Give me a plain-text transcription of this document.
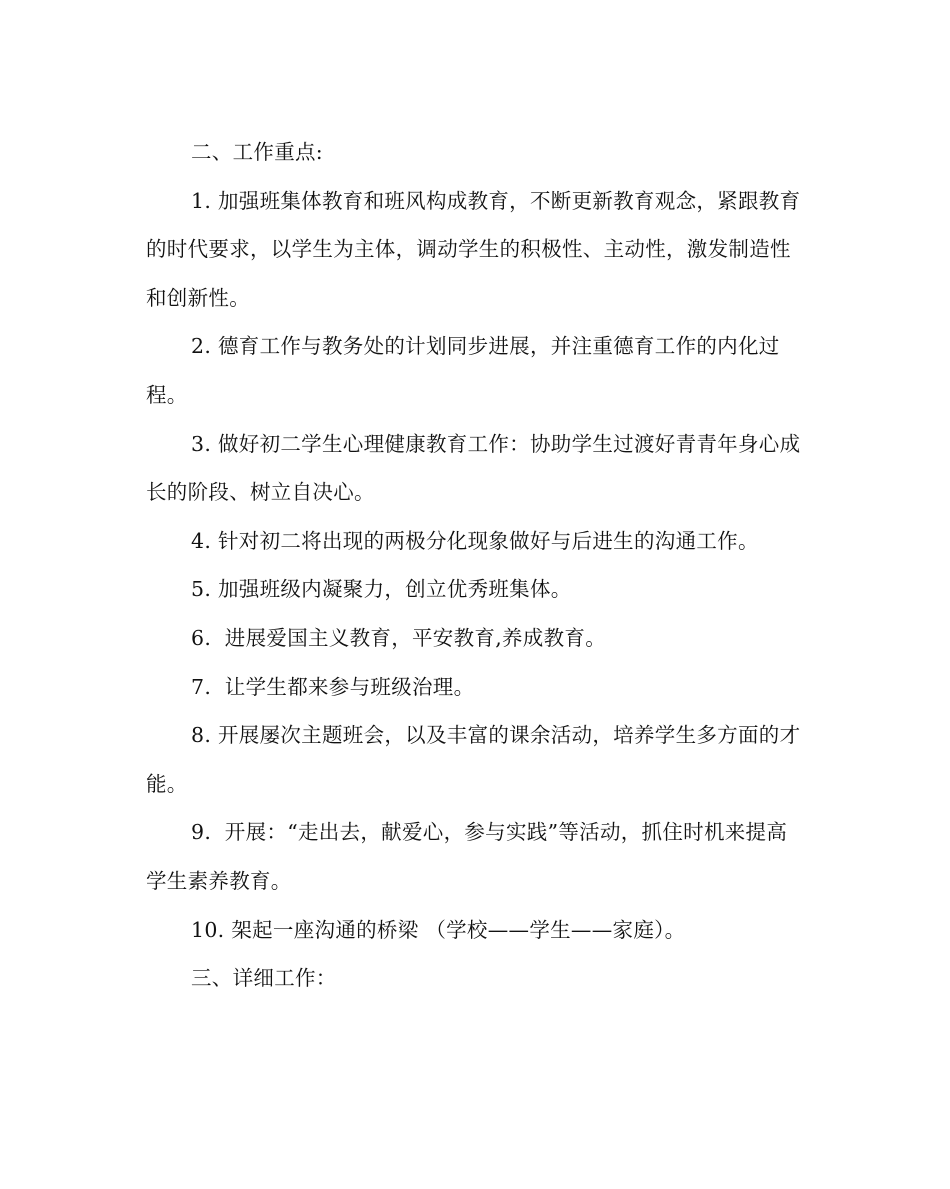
二、工作重点:

1. 加强班集体教育和班风构成教育，不断更新教育观念，紧跟教育的时代要求，以学生为主体，调动学生的积极性、主动性，激发制造性和创新性。

2. 德育工作与教务处的计划同步进展，并注重德育工作的内化过程。

3. 做好初二学生心理健康教育工作：协助学生过渡好青青年身心成长的阶段、树立自决心。

4. 针对初二将出现的两极分化现象做好与后进生的沟通工作。

5. 加强班级内凝聚力，创立优秀班集体。

6.  进展爱国主义教育，平安教育,养成教育。

7.  让学生都来参与班级治理。

8. 开展屡次主题班会，以及丰富的课余活动，培养学生多方面的才能。

9.  开展：“走出去，献爱心，参与实践”等活动，抓住时机来提高学生素养教育。

10. 架起一座沟通的桥梁 （学校——学生——家庭）。

三、详细工作：
